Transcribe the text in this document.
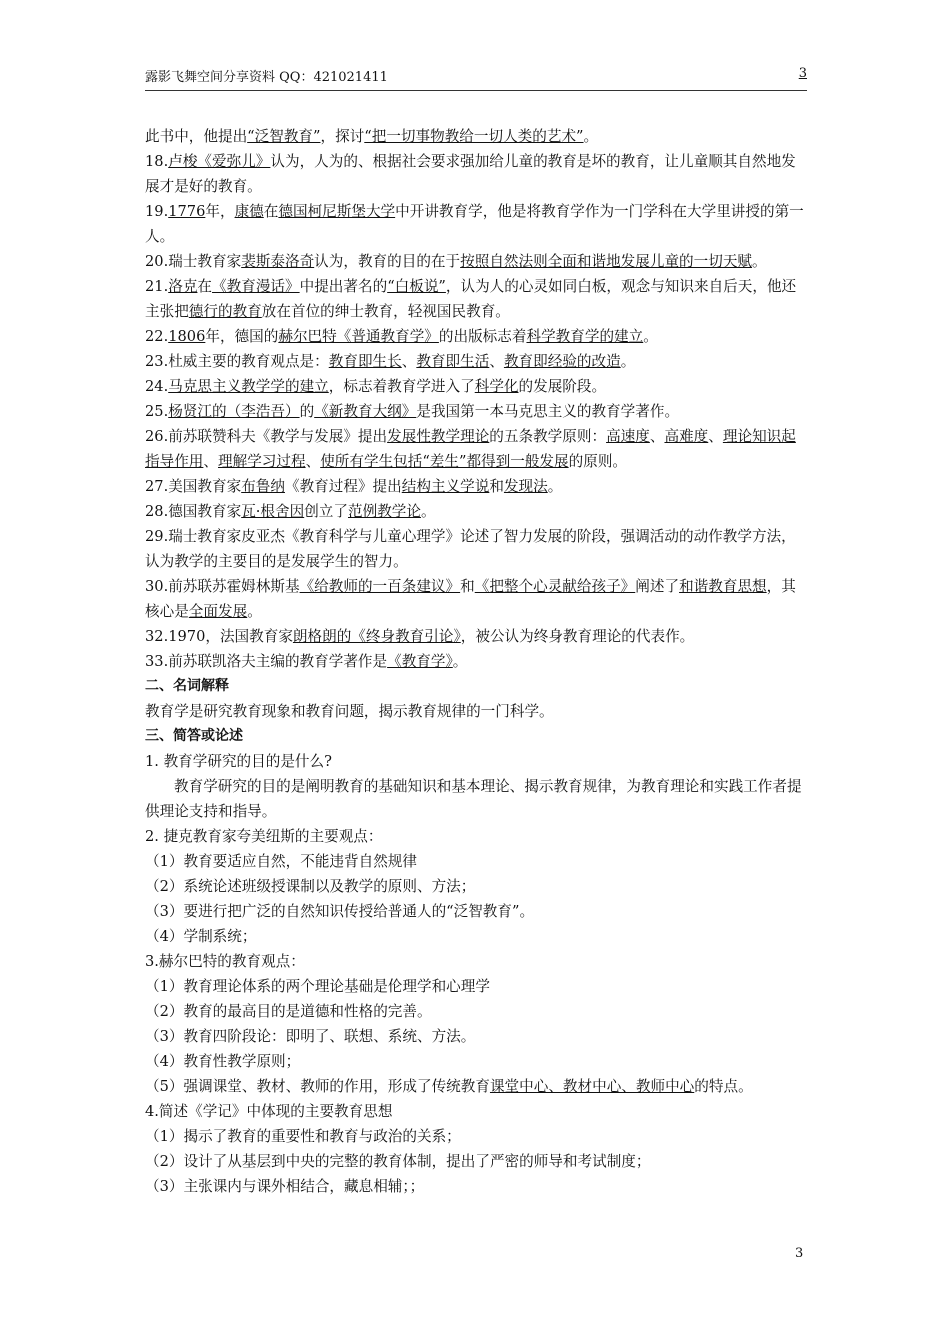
露影飞舞空间分享资料 QQ：421021411	3

此书中，他提出“泛智教育”，探讨“把一切事物教给一切人类的艺术”。

18.卢梭《爱弥儿》认为，人为的、根据社会要求强加给儿童的教育是坏的教育，让儿童顺其自然地发展才是好的教育。

19.1776年，康德在德国柯尼斯堡大学中开讲教育学，他是将教育学作为一门学科在大学里讲授的第一人。

20.瑞士教育家裴斯泰洛奇认为，教育的目的在于按照自然法则全面和谐地发展儿童的一切天赋。

21.洛克在《教育漫话》中提出著名的“白板说”，认为人的心灵如同白板，观念与知识来自后天，他还主张把德行的教育放在首位的绅士教育，轻视国民教育。

22.1806年，德国的赫尔巴特《普通教育学》的出版标志着科学教育学的建立。

23.杜威主要的教育观点是：教育即生长、教育即生活、教育即经验的改造。

24.马克思主义教学学的建立，标志着教育学进入了科学化的发展阶段。

25.杨贤江的（李浩吾）的《新教育大纲》是我国第一本马克思主义的教育学著作。

26.前苏联赞科夫《教学与发展》提出发展性教学理论的五条教学原则：高速度、高难度、理论知识起指导作用、理解学习过程、使所有学生包括“差生”都得到一般发展的原则。

27.美国教育家布鲁纳《教育过程》提出结构主义学说和发现法。

28.德国教育家瓦·根舍因创立了范例教学论。

29.瑞士教育家皮亚杰《教育科学与儿童心理学》论述了智力发展的阶段，强调活动的动作教学方法，认为教学的主要目的是发展学生的智力。

30.前苏联苏霍姆林斯基《给教师的一百条建议》和《把整个心灵献给孩子》阐述了和谐教育思想，其核心是全面发展。

32.1970，法国教育家朗格朗的《终身教育引论》，被公认为终身教育理论的代表作。

33.前苏联凯洛夫主编的教育学著作是《教育学》。

二、名词解释

教育学是研究教育现象和教育问题，揭示教育规律的一门科学。

三、简答或论述

1. 教育学研究的目的是什么?

教育学研究的目的是阐明教育的基础知识和基本理论、揭示教育规律，为教育理论和实践工作者提供理论支持和指导。

2. 捷克教育家夸美纽斯的主要观点：

（1）教育要适应自然，不能违背自然规律

（2）系统论述班级授课制以及教学的原则、方法；

（3）要进行把广泛的自然知识传授给普通人的“泛智教育”。

（4）学制系统；

3.赫尔巴特的教育观点：

（1）教育理论体系的两个理论基础是伦理学和心理学

（2）教育的最高目的是道德和性格的完善。

（3）教育四阶段论：即明了、联想、系统、方法。

（4）教育性教学原则；

（5）强调课堂、教材、教师的作用，形成了传统教育课堂中心、教材中心、教师中心的特点。

4.简述《学记》中体现的主要教育思想

（1）揭示了教育的重要性和教育与政治的关系；

（2）设计了从基层到中央的完整的教育体制，提出了严密的师导和考试制度；

（3）主张课内与课外相结合，藏息相辅；；

3
